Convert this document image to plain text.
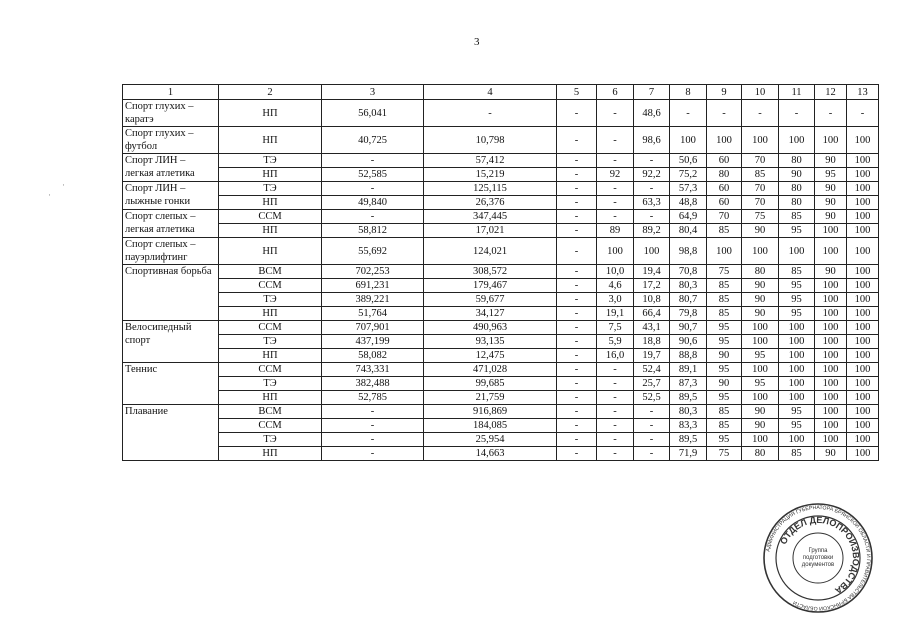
3
1	2	3	4	5	6	7	8	9	10	11	12	13
Спорт глухих – каратэ	НП	56,041	-	-	-	48,6	-	-	-	-	-	-
Спорт глухих – футбол	НП	40,725	10,798	-	-	98,6	100	100	100	100	100	100
Спорт ЛИН – легкая атлетика	ТЭ	-	57,412	-	-	-	50,6	60	70	80	90	100
	НП	52,585	15,219	-	92	92,2	75,2	80	85	90	95	100
Спорт ЛИН – лыжные гонки	ТЭ	-	125,115	-	-	-	57,3	60	70	80	90	100
	НП	49,840	26,376	-	-	63,3	48,8	60	70	80	90	100
Спорт слепых – легкая атлетика	ССМ	-	347,445	-	-	-	64,9	70	75	85	90	100
	НП	58,812	17,021	-	89	89,2	80,4	85	90	95	100	100
Спорт слепых – пауэрлифтинг	НП	55,692	124,021	-	100	100	98,8	100	100	100	100	100
Спортивная борьба	ВСМ	702,253	308,572	-	10,0	19,4	70,8	75	80	85	90	100
	ССМ	691,231	179,467	-	4,6	17,2	80,3	85	90	95	100	100
	ТЭ	389,221	59,677	-	3,0	10,8	80,7	85	90	95	100	100
	НП	51,764	34,127	-	19,1	66,4	79,8	85	90	95	100	100
Велосипедный спорт	ССМ	707,901	490,963	-	7,5	43,1	90,7	95	100	100	100	100
	ТЭ	437,199	93,135	-	5,9	18,8	90,6	95	100	100	100	100
	НП	58,082	12,475	-	16,0	19,7	88,8	90	95	100	100	100
Теннис	ССМ	743,331	471,028	-	-	52,4	89,1	95	100	100	100	100
	ТЭ	382,488	99,685	-	-	25,7	87,3	90	95	100	100	100
	НП	52,785	21,759	-	-	52,5	89,5	95	100	100	100	100
Плавание	ВСМ	-	916,869	-	-	-	80,3	85	90	95	100	100
	ССМ	-	184,085	-	-	-	83,3	85	90	95	100	100
	ТЭ	-	25,954	-	-	-	89,5	95	100	100	100	100
	НП	-	14,663	-	-	-	71,9	75	80	85	90	100
·
·
АДМИНИСТРАЦИЯ ГУБЕРНАТОРА БРЯНСКОЙ ОБЛАСТИ И ПРАВИТЕЛЬСТВА БРЯНСКОЙ ОБЛАСТИ
ОТДЕЛ ДЕЛОПРОИЗВОДСТВА
Группа подготовки документов
